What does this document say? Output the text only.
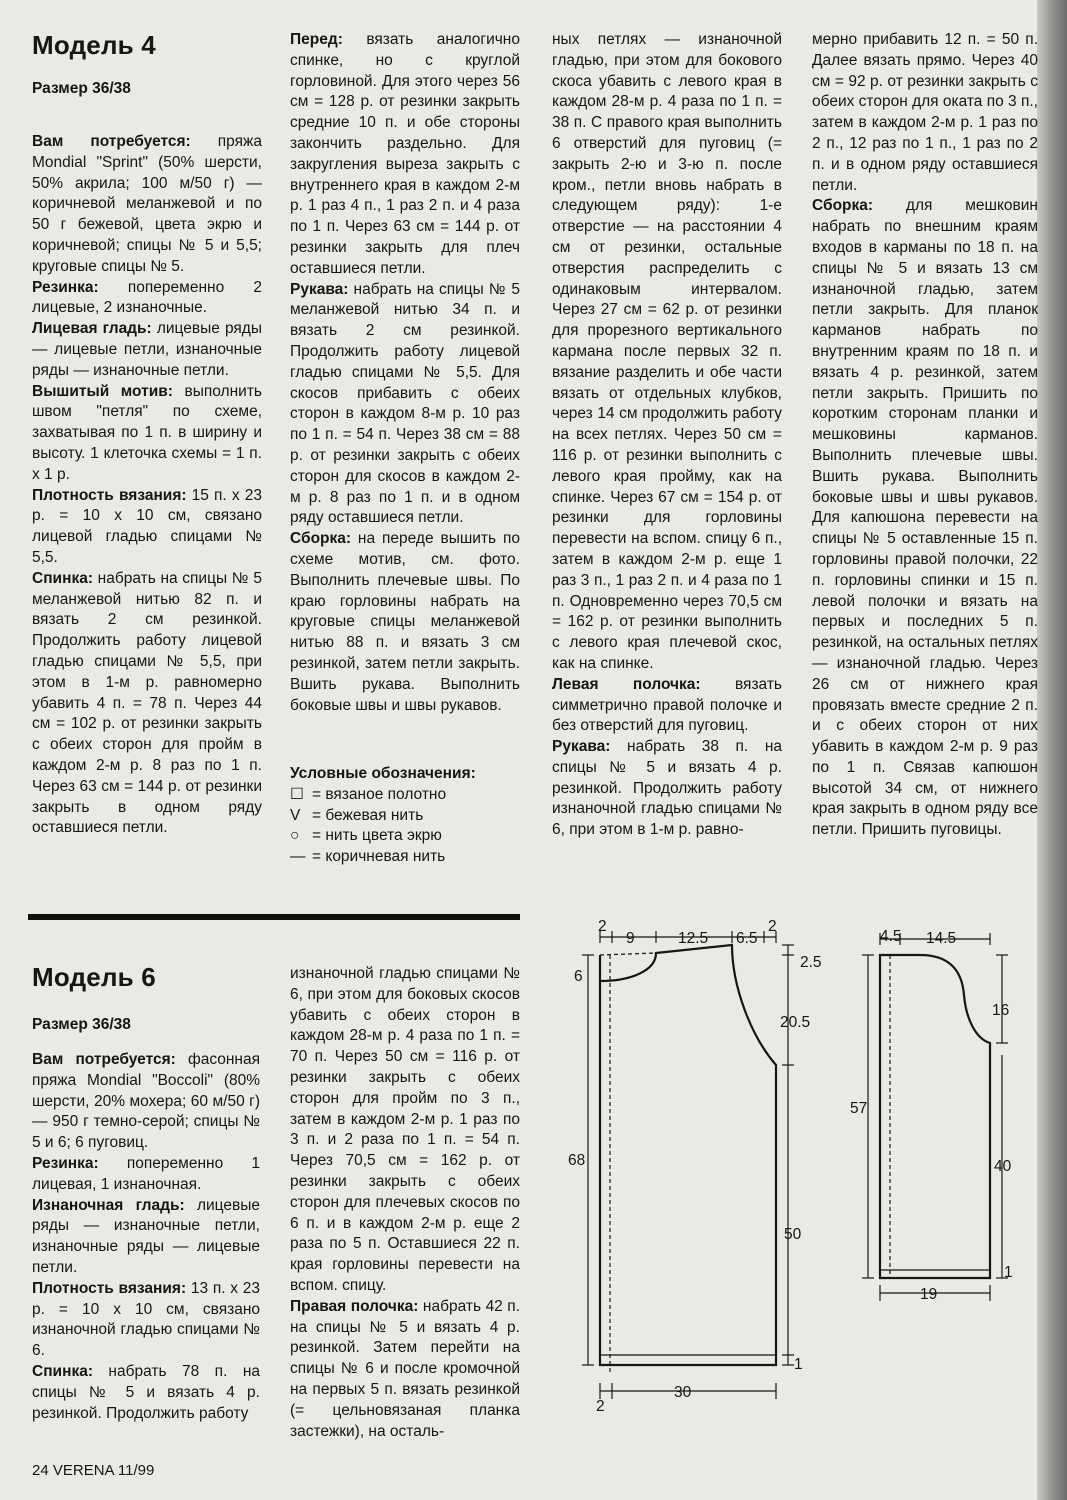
Модель 4

Размер 36/38

Вам потребуется: пряжа Mondial "Sprint" (50% шерсти, 50% акрила; 100 м/50 г) — коричневой меланжевой и по 50 г бежевой, цвета экрю и коричневой; спицы № 5 и 5,5; круговые спицы № 5.

Резинка: попеременно 2 лицевые, 2 изнаночные.

Лицевая гладь: лицевые ряды — лицевые петли, изнаночные ряды — изнаночные петли.

Вышитый мотив: выполнить швом "петля" по схеме, захватывая по 1 п. в ширину и высоту. 1 клеточка схемы = 1 п. х 1 р.

Плотность вязания: 15 п. х 23 р. = 10 х 10 см, связано лицевой гладью спицами № 5,5.

Спинка: набрать на спицы № 5 меланжевой нитью 82 п. и вязать 2 см резинкой. Продолжить работу лицевой гладью спицами № 5,5, при этом в 1-м р. равномерно убавить 4 п. = 78 п. Через 44 см = 102 р. от резинки закрыть с обеих сторон для пройм в каждом 2-м р. 8 раз по 1 п. Через 63 см = 144 р. от резинки закрыть в одном ряду оставшиеся петли.

Перед: вязать аналогично спинке, но с круглой горловиной. Для этого через 56 см = 128 р. от резинки закрыть средние 10 п. и обе стороны закончить раздельно. Для закругления выреза закрыть с внутреннего края в каждом 2-м р. 1 раз 4 п., 1 раз 2 п. и 4 раза по 1 п. Через 63 см = 144 р. от резинки закрыть для плеч оставшиеся петли.

Рукава: набрать на спицы № 5 меланжевой нитью 34 п. и вязать 2 см резинкой. Продолжить работу лицевой гладью спицами № 5,5. Для скосов прибавить с обеих сторон в каждом 8-м р. 10 раз по 1 п. = 54 п. Через 38 см = 88 р. от резинки закрыть с обеих сторон для скосов в каждом 2-м р. 8 раз по 1 п. и в одном ряду оставшиеся петли.

Сборка: на переде вышить по схеме мотив, см. фото. Выполнить плечевые швы. По краю горловины набрать на круговые спицы меланжевой нитью 88 п. и вязать 3 см резинкой, затем петли закрыть. Вшить рукава. Выполнить боковые швы и швы рукавов.

Условные обозначения:

☐ = вязаное полотно
V = бежевая нить
○ = нить цвета экрю
— = коричневая нить

ных петлях — изнаночной гладью, при этом для бокового скоса убавить с левого края в каждом 28-м р. 4 раза по 1 п. = 38 п. С правого края выполнить 6 отверстий для пуговиц (= закрыть 2-ю и 3-ю п. после кром., петли вновь набрать в следующем ряду): 1-е отверстие — на расстоянии 4 см от резинки, остальные отверстия распределить с одинаковым интервалом. Через 27 см = 62 р. от резинки для прорезного вертикального кармана после первых 32 п. вязание разделить и обе части вязать от отдельных клубков, через 14 см продолжить работу на всех петлях. Через 50 см = 116 р. от резинки выполнить с левого края пройму, как на спинке. Через 67 см = 154 р. от резинки для горловины перевести на вспом. спицу 6 п., затем в каждом 2-м р. еще 1 раз 3 п., 1 раз 2 п. и 4 раза по 1 п. Одновременно через 70,5 см = 162 р. от резинки выполнить с левого края плечевой скос, как на спинке.

Левая полочка: вязать симметрично правой полочке и без отверстий для пуговиц.

Рукава: набрать 38 п. на спицы № 5 и вязать 4 р. резинкой. Продолжить работу изнаночной гладью спицами № 6, при этом в 1-м р. равно-

мерно прибавить 12 п. = 50 п. Далее вязать прямо. Через 40 см = 92 р. от резинки закрыть с обеих сторон для оката по 3 п., затем в каждом 2-м р. 1 раз по 2 п., 12 раз по 1 п., 1 раз по 2 п. и в одном ряду оставшиеся петли.

Сборка: для мешковин набрать по внешним краям входов в карманы по 18 п. на спицы № 5 и вязать 13 см изнаночной гладью, затем петли закрыть. Для планок карманов набрать по внутренним краям по 18 п. и вязать 4 р. резинкой, затем петли закрыть. Пришить по коротким сторонам планки и мешковины карманов. Выполнить плечевые швы. Вшить рукава. Выполнить боковые швы и швы рукавов. Для капюшона перевести на спицы № 5 оставленные 15 п. горловины правой полочки, 22 п. горловины спинки и 15 п. левой полочки и вязать на первых и последних 5 п. резинкой, на остальных петлях — изнаночной гладью. Через 26 см от нижнего края провязать вместе средние 2 п. и с обеих сторон от них убавить в каждом 2-м р. 9 раз по 1 п. Связав капюшон высотой 34 см, от нижнего края закрыть в одном ряду все петли. Пришить пуговицы.

Модель 6

Размер 36/38

Вам потребуется: фасонная пряжа Mondial "Boccoli" (80% шерсти, 20% мохера; 60 м/50 г) — 950 г темно-серой; спицы № 5 и 6; 6 пуговиц.

Резинка: попеременно 1 лицевая, 1 изнаночная.

Изнаночная гладь: лицевые ряды — изнаночные петли, изнаночные ряды — лицевые петли.

Плотность вязания: 13 п. х 23 р. = 10 х 10 см, связано изнаночной гладью спицами № 6.

Спинка: набрать 78 п. на спицы № 5 и вязать 4 р. резинкой. Продолжить работу

изнаночной гладью спицами № 6, при этом для боковых скосов убавить с обеих сторон в каждом 28-м р. 4 раза по 1 п. = 70 п. Через 50 см = 116 р. от резинки закрыть с обеих сторон для пройм по 3 п., затем в каждом 2-м р. 1 раз по 3 п. и 2 раза по 1 п. = 54 п. Через 70,5 см = 162 р. от резинки закрыть с обеих сторон для плечевых скосов по 6 п. и в каждом 2-м р. еще 2 раза по 5 п. Оставшиеся 22 п. края горловины перевести на вспом. спицу.

Правая полочка: набрать 42 п. на спицы № 5 и вязать 4 р. резинкой. Затем перейти на спицы № 6 и после кромочной на первых 5 п. вязать резинкой (= цельновязаная планка застежки), на осталь-

2
9	12.5 6.5
2
6
2.5
20.5
68
50
1
2
30
4.5 14.5
16
57
40
1
19
24 VERENA 11/99
